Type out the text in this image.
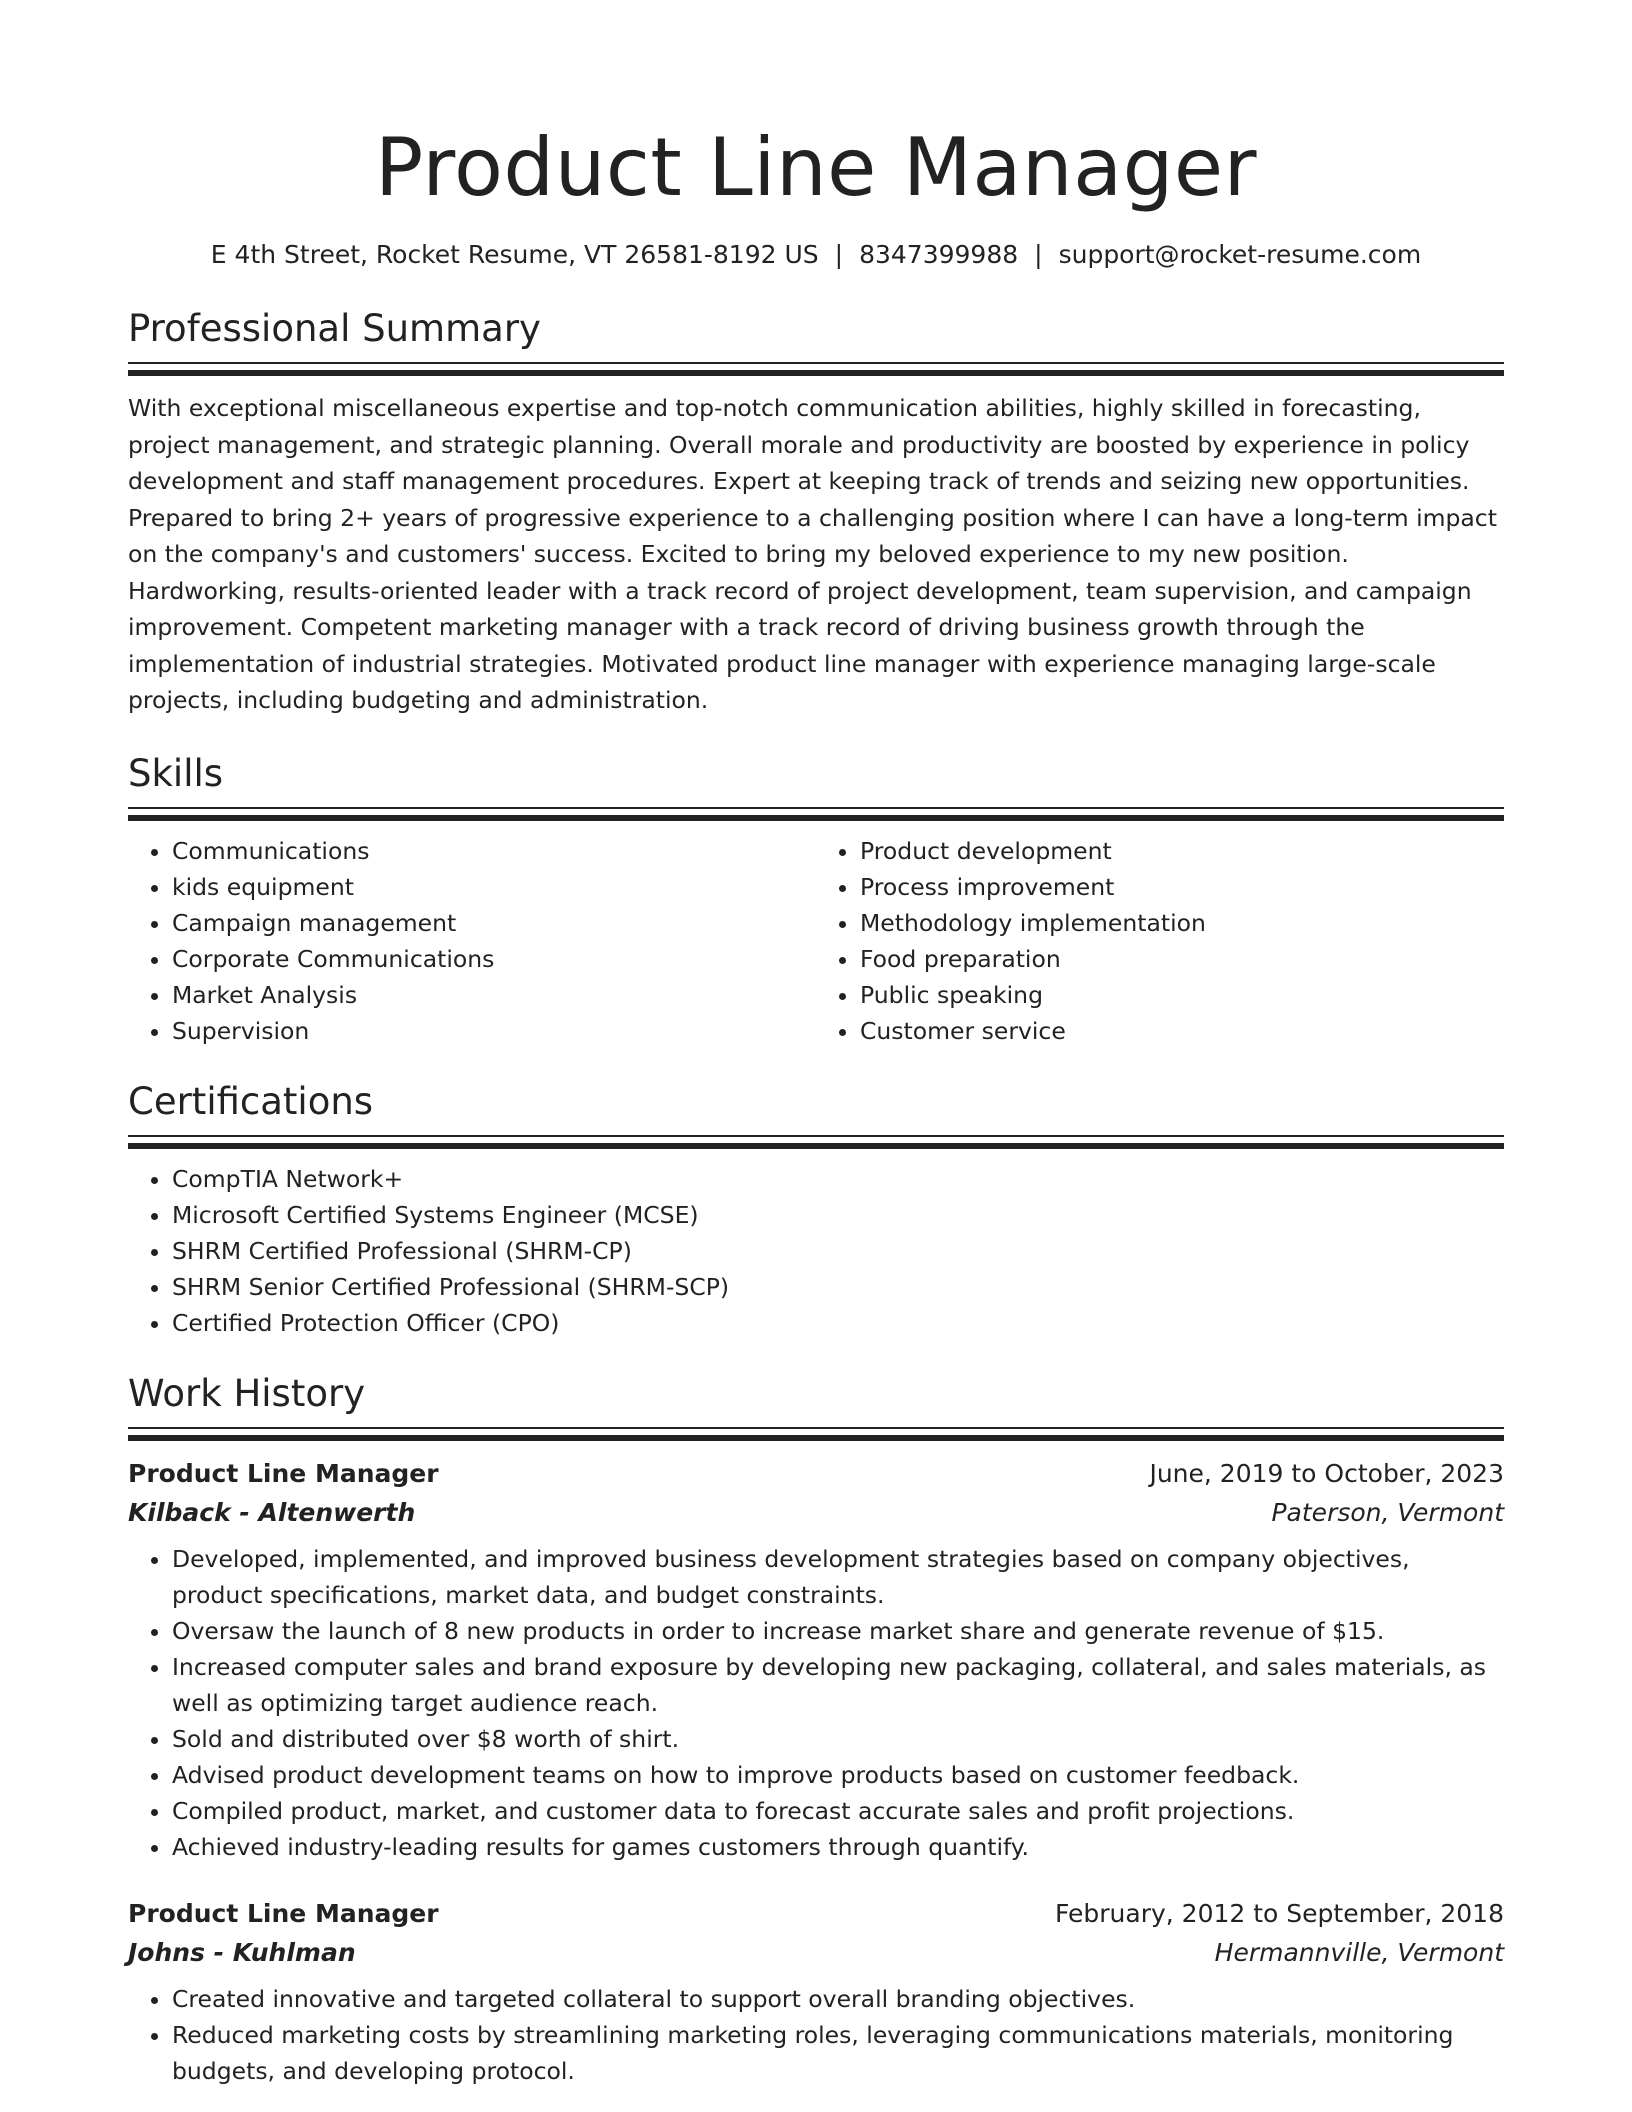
Product Line Manager
E 4th Street, Rocket Resume, VT 26581-8192 US | 8347399988 | support@rocket-resume.com
Professional Summary

With exceptional miscellaneous expertise and top-notch communication abilities, highly skilled in forecasting, project management, and strategic planning. Overall morale and productivity are boosted by experience in policy development and staff management procedures. Expert at keeping track of trends and seizing new opportunities. Prepared to bring 2+ years of progressive experience to a challenging position where I can have a long-term impact on the company's and customers' success. Excited to bring my beloved experience to my new position. Hardworking, results-oriented leader with a track record of project development, team supervision, and campaign improvement. Competent marketing manager with a track record of driving business growth through the implementation of industrial strategies. Motivated product line manager with experience managing large-scale projects, including budgeting and administration.

Skills
• Communications
• kids equipment
• Campaign management
• Corporate Communications
• Market Analysis
• Supervision
• Product development
• Process improvement
• Methodology implementation
• Food preparation
• Public speaking
• Customer service
Certifications
• CompTIA Network+
• Microsoft Certified Systems Engineer (MCSE)
• SHRM Certified Professional (SHRM-CP)
• SHRM Senior Certified Professional (SHRM-SCP)
• Certified Protection Officer (CPO)
Work History
Product Line Manager	June, 2019 to October, 2023
Kilback - Altenwerth	Paterson, Vermont
• Developed, implemented, and improved business development strategies based on company objectives, product specifications, market data, and budget constraints.
• Oversaw the launch of 8 new products in order to increase market share and generate revenue of $15.
• Increased computer sales and brand exposure by developing new packaging, collateral, and sales materials, as well as optimizing target audience reach.
• Sold and distributed over $8 worth of shirt.
• Advised product development teams on how to improve products based on customer feedback.
• Compiled product, market, and customer data to forecast accurate sales and profit projections.
• Achieved industry-leading results for games customers through quantify.
Product Line Manager	February, 2012 to September, 2018
Johns - Kuhlman	Hermannville, Vermont
• Created innovative and targeted collateral to support overall branding objectives.
• Reduced marketing costs by streamlining marketing roles, leveraging communications materials, monitoring budgets, and developing protocol.
